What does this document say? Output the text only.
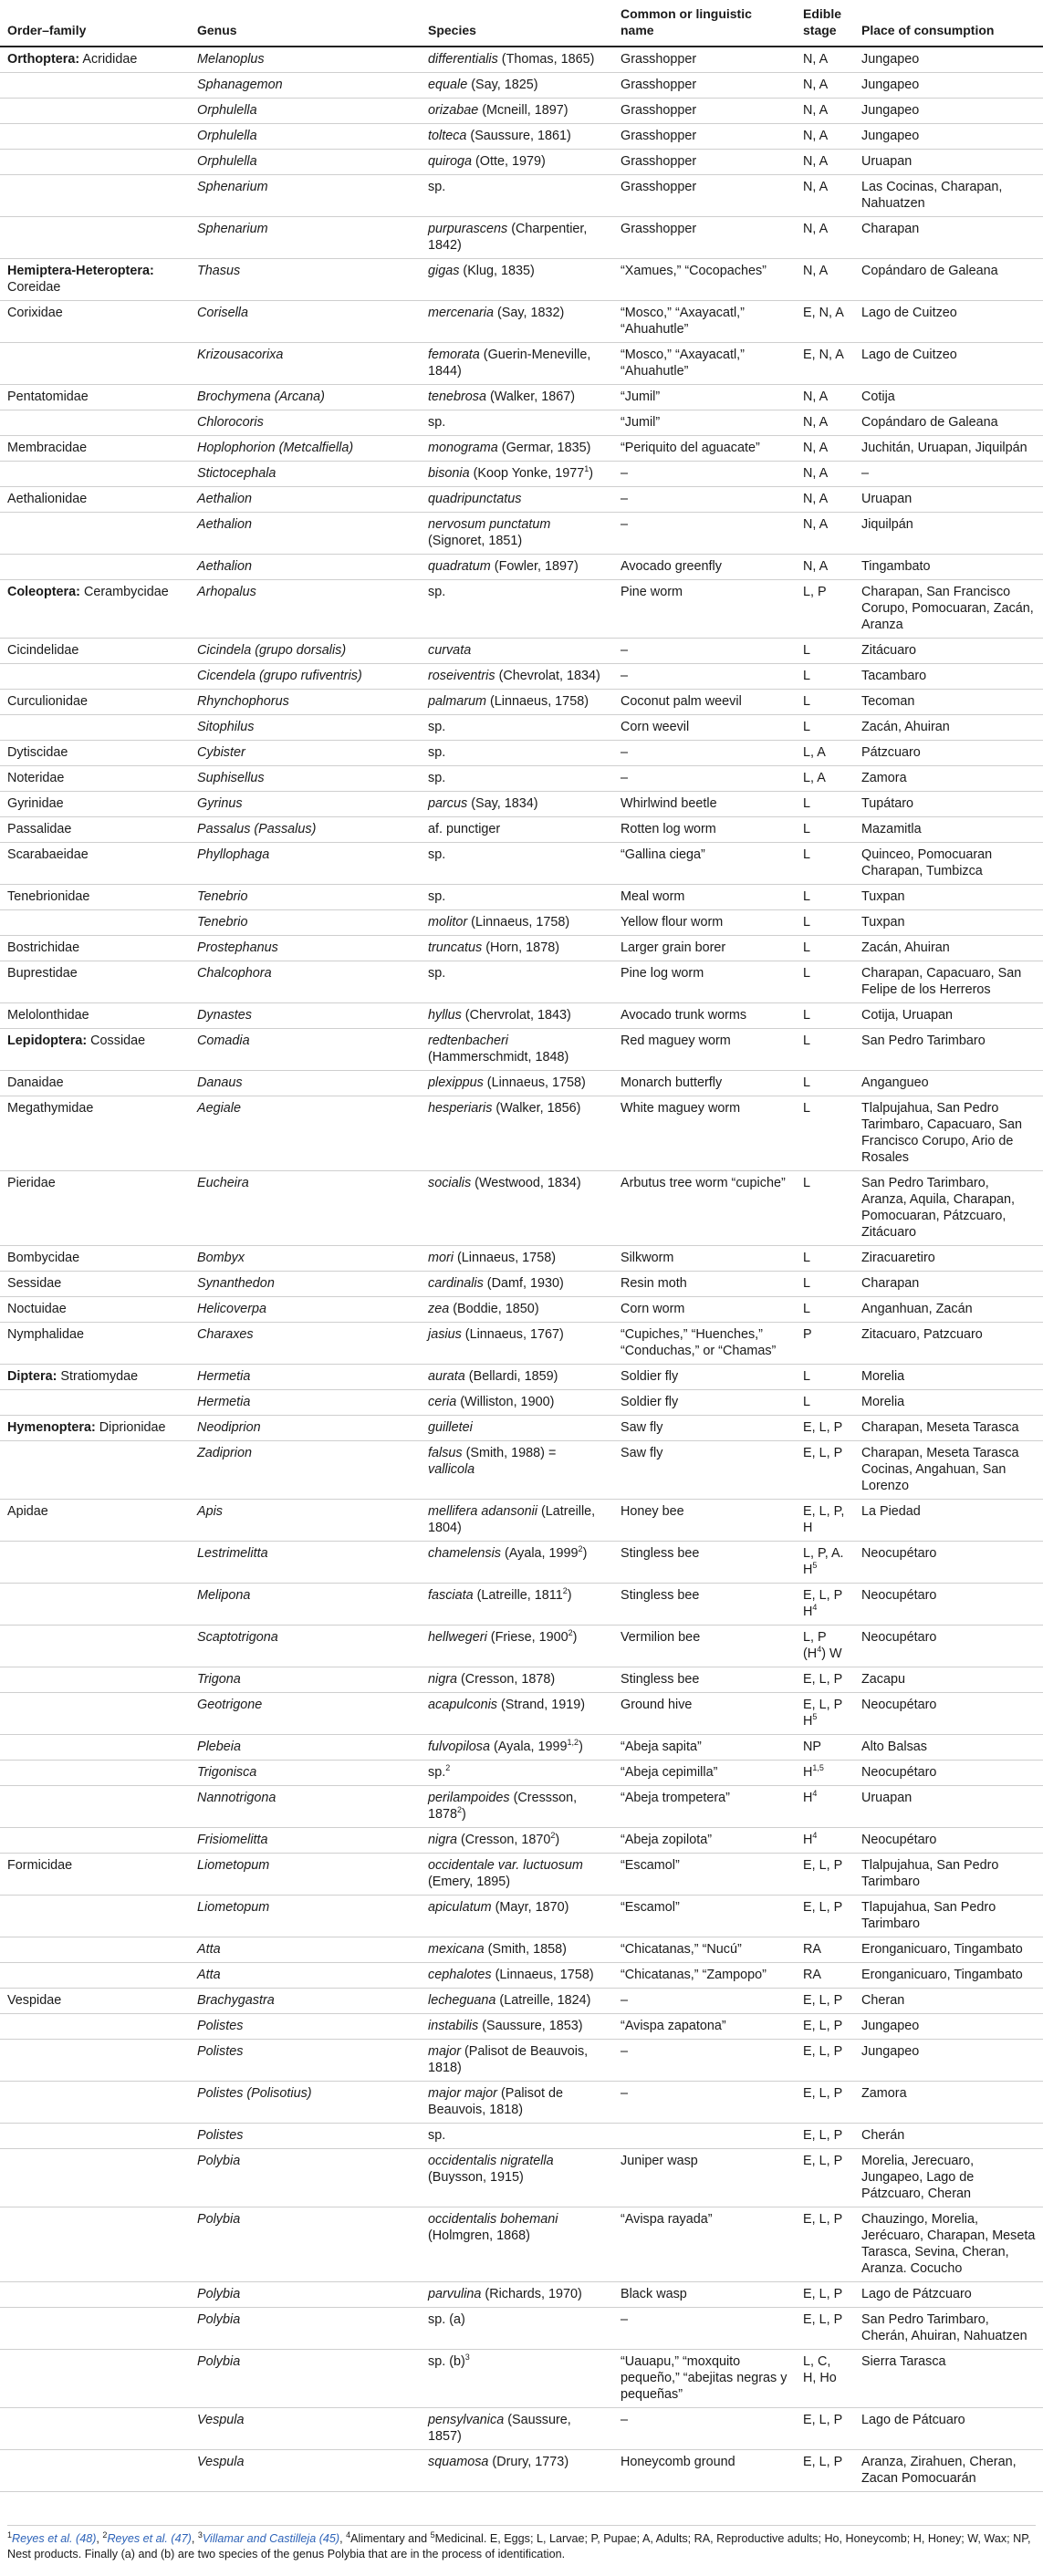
Order–family	Genus	Species	Common or linguistic name	Edible stage	Place of consumption
Orthoptera: Acrididae	Melanoplus	differentialis (Thomas, 1865)	Grasshopper	N, A	Jungapeo
	Sphanagemon	equale (Say, 1825)	Grasshopper	N, A	Jungapeo
	Orphulella	orizabae (Mcneill, 1897)	Grasshopper	N, A	Jungapeo
	Orphulella	tolteca (Saussure, 1861)	Grasshopper	N, A	Jungapeo
	Orphulella	quiroga (Otte, 1979)	Grasshopper	N, A	Uruapan
	Sphenarium	sp.	Grasshopper	N, A	Las Cocinas, Charapan, Nahuatzen
	Sphenarium	purpurascens (Charpentier, 1842)	Grasshopper	N, A	Charapan
Hemiptera-Heteroptera: Coreidae	Thasus	gigas (Klug, 1835)	“Xamues,” “Cocopaches”	N, A	Copándaro de Galeana
Corixidae	Corisella	mercenaria (Say, 1832)	“Mosco,” “Axayacatl,” “Ahuahutle”	E, N, A	Lago de Cuitzeo
	Krizousacorixa	femorata (Guerin-Meneville, 1844)	“Mosco,” “Axayacatl,” “Ahuahutle”	E, N, A	Lago de Cuitzeo
Pentatomidae	Brochymena (Arcana)	tenebrosa (Walker, 1867)	“Jumil”	N, A	Cotija
	Chlorocoris	sp.	“Jumil”	N, A	Copándaro de Galeana
Membracidae	Hoplophorion (Metcalfiella)	monograma (Germar, 1835)	“Periquito del aguacate”	N, A	Juchitán, Uruapan, Jiquilpán
	Stictocephala	bisonia (Koop Yonke, 1977$^1$)	–	N, A	–
Aethalionidae	Aethalion	quadripunctatus	–	N, A	Uruapan
	Aethalion	nervosum punctatum (Signoret, 1851)	–	N, A	Jiquilpán
	Aethalion	quadratum (Fowler, 1897)	Avocado greenfly	N, A	Tingambato
Coleoptera: Cerambycidae	Arhopalus	sp.	Pine worm	L, P	Charapan, San Francisco Corupo, Pomocuaran, Zacán, Aranza
Cicindelidae	Cicindela (grupo dorsalis)	curvata	–	L	Zitácuaro
	Cicendela (grupo rufiventris)	roseiventris (Chevrolat, 1834)	–	L	Tacambaro
Curculionidae	Rhynchophorus	palmarum (Linnaeus, 1758)	Coconut palm weevil	L	Tecoman
	Sitophilus	sp.	Corn weevil	L	Zacán, Ahuiran
Dytiscidae	Cybister	sp.	–	L, A	Pátzcuaro
Noteridae	Suphisellus	sp.	–	L, A	Zamora
Gyrinidae	Gyrinus	parcus (Say, 1834)	Whirlwind beetle	L	Tupátaro
Passalidae	Passalus (Passalus)	af. punctiger	Rotten log worm	L	Mazamitla
Scarabaeidae	Phyllophaga	sp.	“Gallina ciega”	L	Quinceo, Pomocuaran Charapan, Tumbizca
Tenebrionidae	Tenebrio	sp.	Meal worm	L	Tuxpan
	Tenebrio	molitor (Linnaeus, 1758)	Yellow flour worm	L	Tuxpan
Bostrichidae	Prostephanus	truncatus (Horn, 1878)	Larger grain borer	L	Zacán, Ahuiran
Buprestidae	Chalcophora	sp.	Pine log worm	L	Charapan, Capacuaro, San Felipe de los Herreros
Melolonthidae	Dynastes	hyllus (Chervrolat, 1843)	Avocado trunk worms	L	Cotija, Uruapan
Lepidoptera: Cossidae	Comadia	redtenbacheri (Hammerschmidt, 1848)	Red maguey worm	L	San Pedro Tarimbaro
Danaidae	Danaus	plexippus (Linnaeus, 1758)	Monarch butterfly	L	Angangueo
Megathymidae	Aegiale	hesperiaris (Walker, 1856)	White maguey worm	L	Tlalpujahua, San Pedro Tarimbaro, Capacuaro, San Francisco Corupo, Ario de Rosales
Pieridae	Eucheira	socialis (Westwood, 1834)	Arbutus tree worm “cupiche”	L	San Pedro Tarimbaro, Aranza, Aquila, Charapan, Pomocuaran, Pátzcuaro, Zitácuaro
Bombycidae	Bombyx	mori (Linnaeus, 1758)	Silkworm	L	Ziracuaretiro
Sessidae	Synanthedon	cardinalis (Damf, 1930)	Resin moth	L	Charapan
Noctuidae	Helicoverpa	zea (Boddie, 1850)	Corn worm	L	Anganhuan, Zacán
Nymphalidae	Charaxes	jasius (Linnaeus, 1767)	“Cupiches,” “Huenches,” “Conduchas,” or “Chamas”	P	Zitacuaro, Patzcuaro
Diptera: Stratiomydae	Hermetia	aurata (Bellardi, 1859)	Soldier fly	L	Morelia
	Hermetia	ceria (Williston, 1900)	Soldier fly	L	Morelia
Hymenoptera: Diprionidae	Neodiprion	guilletei	Saw fly	E, L, P	Charapan, Meseta Tarasca
	Zadiprion	falsus (Smith, 1988) = vallicola	Saw fly	E, L, P	Charapan, Meseta Tarasca Cocinas, Angahuan, San Lorenzo
Apidae	Apis	mellifera adansonii (Latreille, 1804)	Honey bee	E, L, P, H	La Piedad
	Lestrimelitta	chamelensis (Ayala, 1999$^2$)	Stingless bee	L, P, A. $H^5$	Neocupétaro
	Melipona	fasciata (Latreille, 1811$^2$)	Stingless bee	E, L, P $H^4$	Neocupétaro
	Scaptotrigona	hellwegeri (Friese, 1900$^2$)	Vermilion bee	L, P $(H^4)$ W	Neocupétaro
	Trigona	nigra (Cresson, 1878)	Stingless bee	E, L, P	Zacapu
	Geotrigone	acapulconis (Strand, 1919)	Ground hive	E, L, P $H^5$	Neocupétaro
	Plebeia	fulvopilosa (Ayala, 1999$^{1,2}$)	“Abeja sapita”	NP	Alto Balsas
	Trigonisca	sp.$^2$	“Abeja cepimilla”	H$^{1,5}$	Neocupétaro
	Nannotrigona	perilampoides (Cressson, 1878$^2$)	“Abeja trompetera”	$H^4$	Uruapan
	Frisiomelitta	nigra (Cresson, 1870$^2$)	“Abeja zopilota”	$H^4$	Neocupétaro
Formicidae	Liometopum	occidentale var. luctuosum (Emery, 1895)	“Escamol”	E, L, P	Tlalpujahua, San Pedro Tarimbaro
	Liometopum	apiculatum (Mayr, 1870)	“Escamol”	E, L, P	Tlapujahua, San Pedro Tarimbaro
	Atta	mexicana (Smith, 1858)	“Chicatanas,” “Nucú”	RA	Eronganicuaro, Tingambato
	Atta	cephalotes (Linnaeus, 1758)	“Chicatanas,” “Zampopo”	RA	Eronganicuaro, Tingambato
Vespidae	Brachygastra	lecheguana (Latreille, 1824)	–	E, L, P	Cheran
	Polistes	instabilis (Saussure, 1853)	“Avispa zapatona”	E, L, P	Jungapeo
	Polistes	major (Palisot de Beauvois, 1818)	–	E, L, P	Jungapeo
	Polistes (Polisotius)	major major (Palisot de Beauvois, 1818)	–	E, L, P	Zamora
	Polistes	sp.		E, L, P	Cherán
	Polybia	occidentalis nigratella (Buysson, 1915)	Juniper wasp	E, L, P	Morelia, Jerecuaro, Jungapeo, Lago de Pátzcuaro, Cheran
	Polybia	occidentalis bohemani (Holmgren, 1868)	“Avispa rayada”	E, L, P	Chauzingo, Morelia, Jerécuaro, Charapan, Meseta Tarasca, Sevina, Cheran, Aranza. Cocucho
	Polybia	parvulina (Richards, 1970)	Black wasp	E, L, P	Lago de Pátzcuaro
	Polybia	sp. (a)	–	E, L, P	San Pedro Tarimbaro, Cherán, Ahuiran, Nahuatzen
	Polybia	sp. $(b)^3$	“Uauapu,” “moxquito pequeño,” “abejitas negras y pequeñas”	L, C, H, Ho	Sierra Tarasca
	Vespula	pensylvanica (Saussure, 1857)	–	E, L, P	Lago de Pátcuaro
	Vespula	squamosa (Drury, 1773)	Honeycomb ground	E, L, P	Aranza, Zirahuen, Cheran, Zacan Pomocuarán
$^1$Reyes et al. (48), $^2$Reyes et al. (47), $^3$Villamar and Castilleja (45), $^4$Alimentary and $^5$Medicinal. E, Eggs; L, Larvae; P, Pupae; A, Adults; RA, Reproductive adults; Ho, Honeycomb; H, Honey; W, Wax; NP, Nest products. Finally (a) and (b) are two species of the genus Polybia that are in the process of identification.
